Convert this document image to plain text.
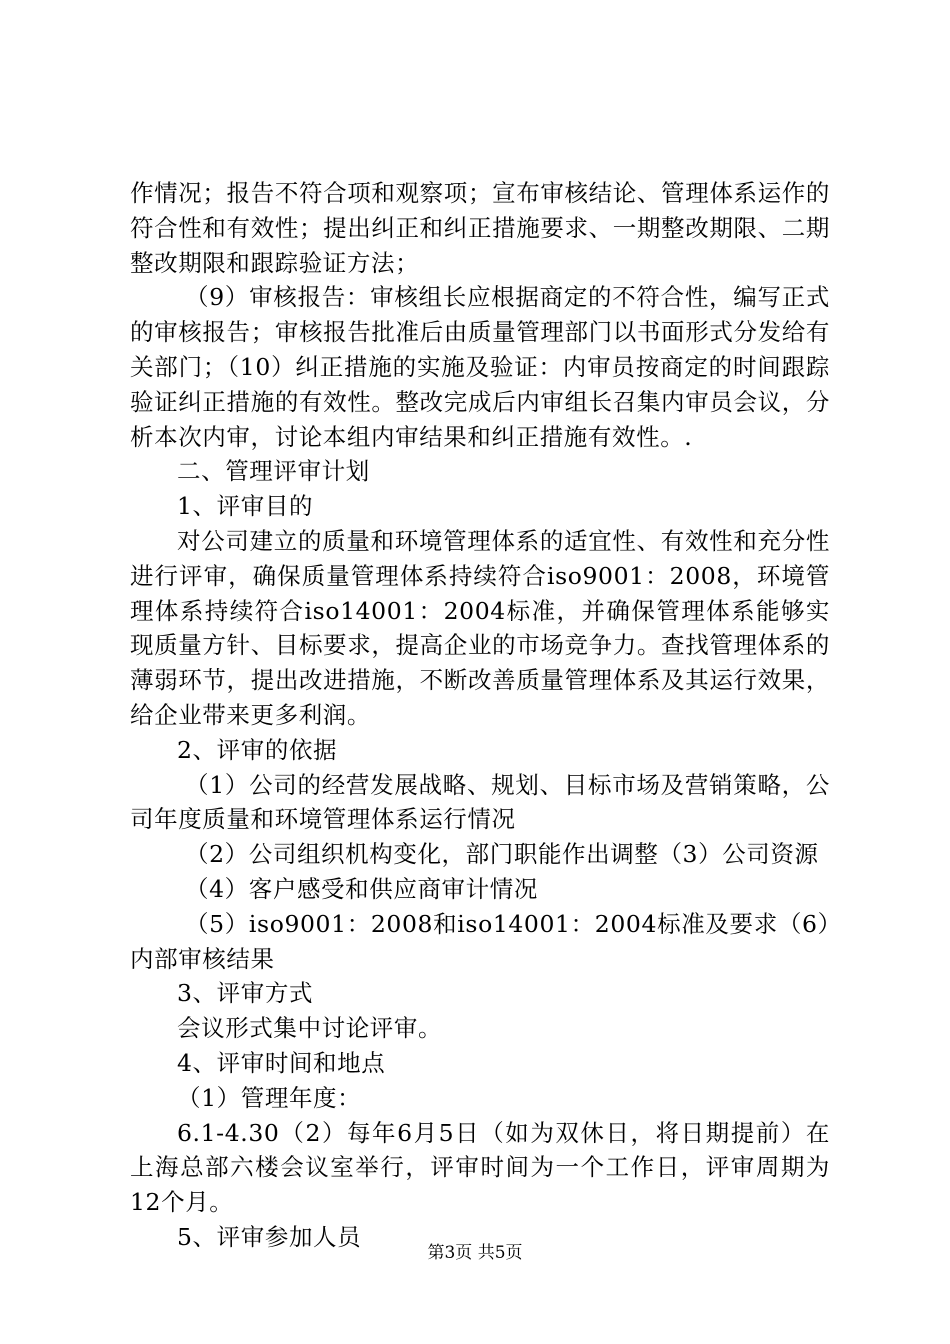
作情况；报告不符合项和观察项；宣布审核结论、管理体系运作的符合性和有效性；提出纠正和纠正措施要求、一期整改期限、二期整改期限和跟踪验证方法；

（9）审核报告：审核组长应根据商定的不符合性，编写正式的审核报告；审核报告批准后由质量管理部门以书面形式分发给有关部门；（10）纠正措施的实施及验证：内审员按商定的时间跟踪验证纠正措施的有效性。整改完成后内审组长召集内审员会议，分析本次内审，讨论本组内审结果和纠正措施有效性。.

二、管理评审计划

1、评审目的

对公司建立的质量和环境管理体系的适宜性、有效性和充分性进行评审，确保质量管理体系持续符合iso9001：2008，环境管理体系持续符合iso14001：2004标准，并确保管理体系能够实现质量方针、目标要求，提高企业的市场竞争力。查找管理体系的薄弱环节，提出改进措施，不断改善质量管理体系及其运行效果，给企业带来更多利润。

2、评审的依据

（1）公司的经营发展战略、规划、目标市场及营销策略，公司年度质量和环境管理体系运行情况

（2）公司组织机构变化，部门职能作出调整（3）公司资源

（4）客户感受和供应商审计情况

（5）iso9001：2008和iso14001：2004标准及要求（6）内部审核结果

3、评审方式

会议形式集中讨论评审。

4、评审时间和地点

（1）管理年度：

6.1-4.30（2）每年6月5日（如为双休日，将日期提前）在上海总部六楼会议室举行，评审时间为一个工作日，评审周期为12个月。

5、评审参加人员

第3页 共5页
